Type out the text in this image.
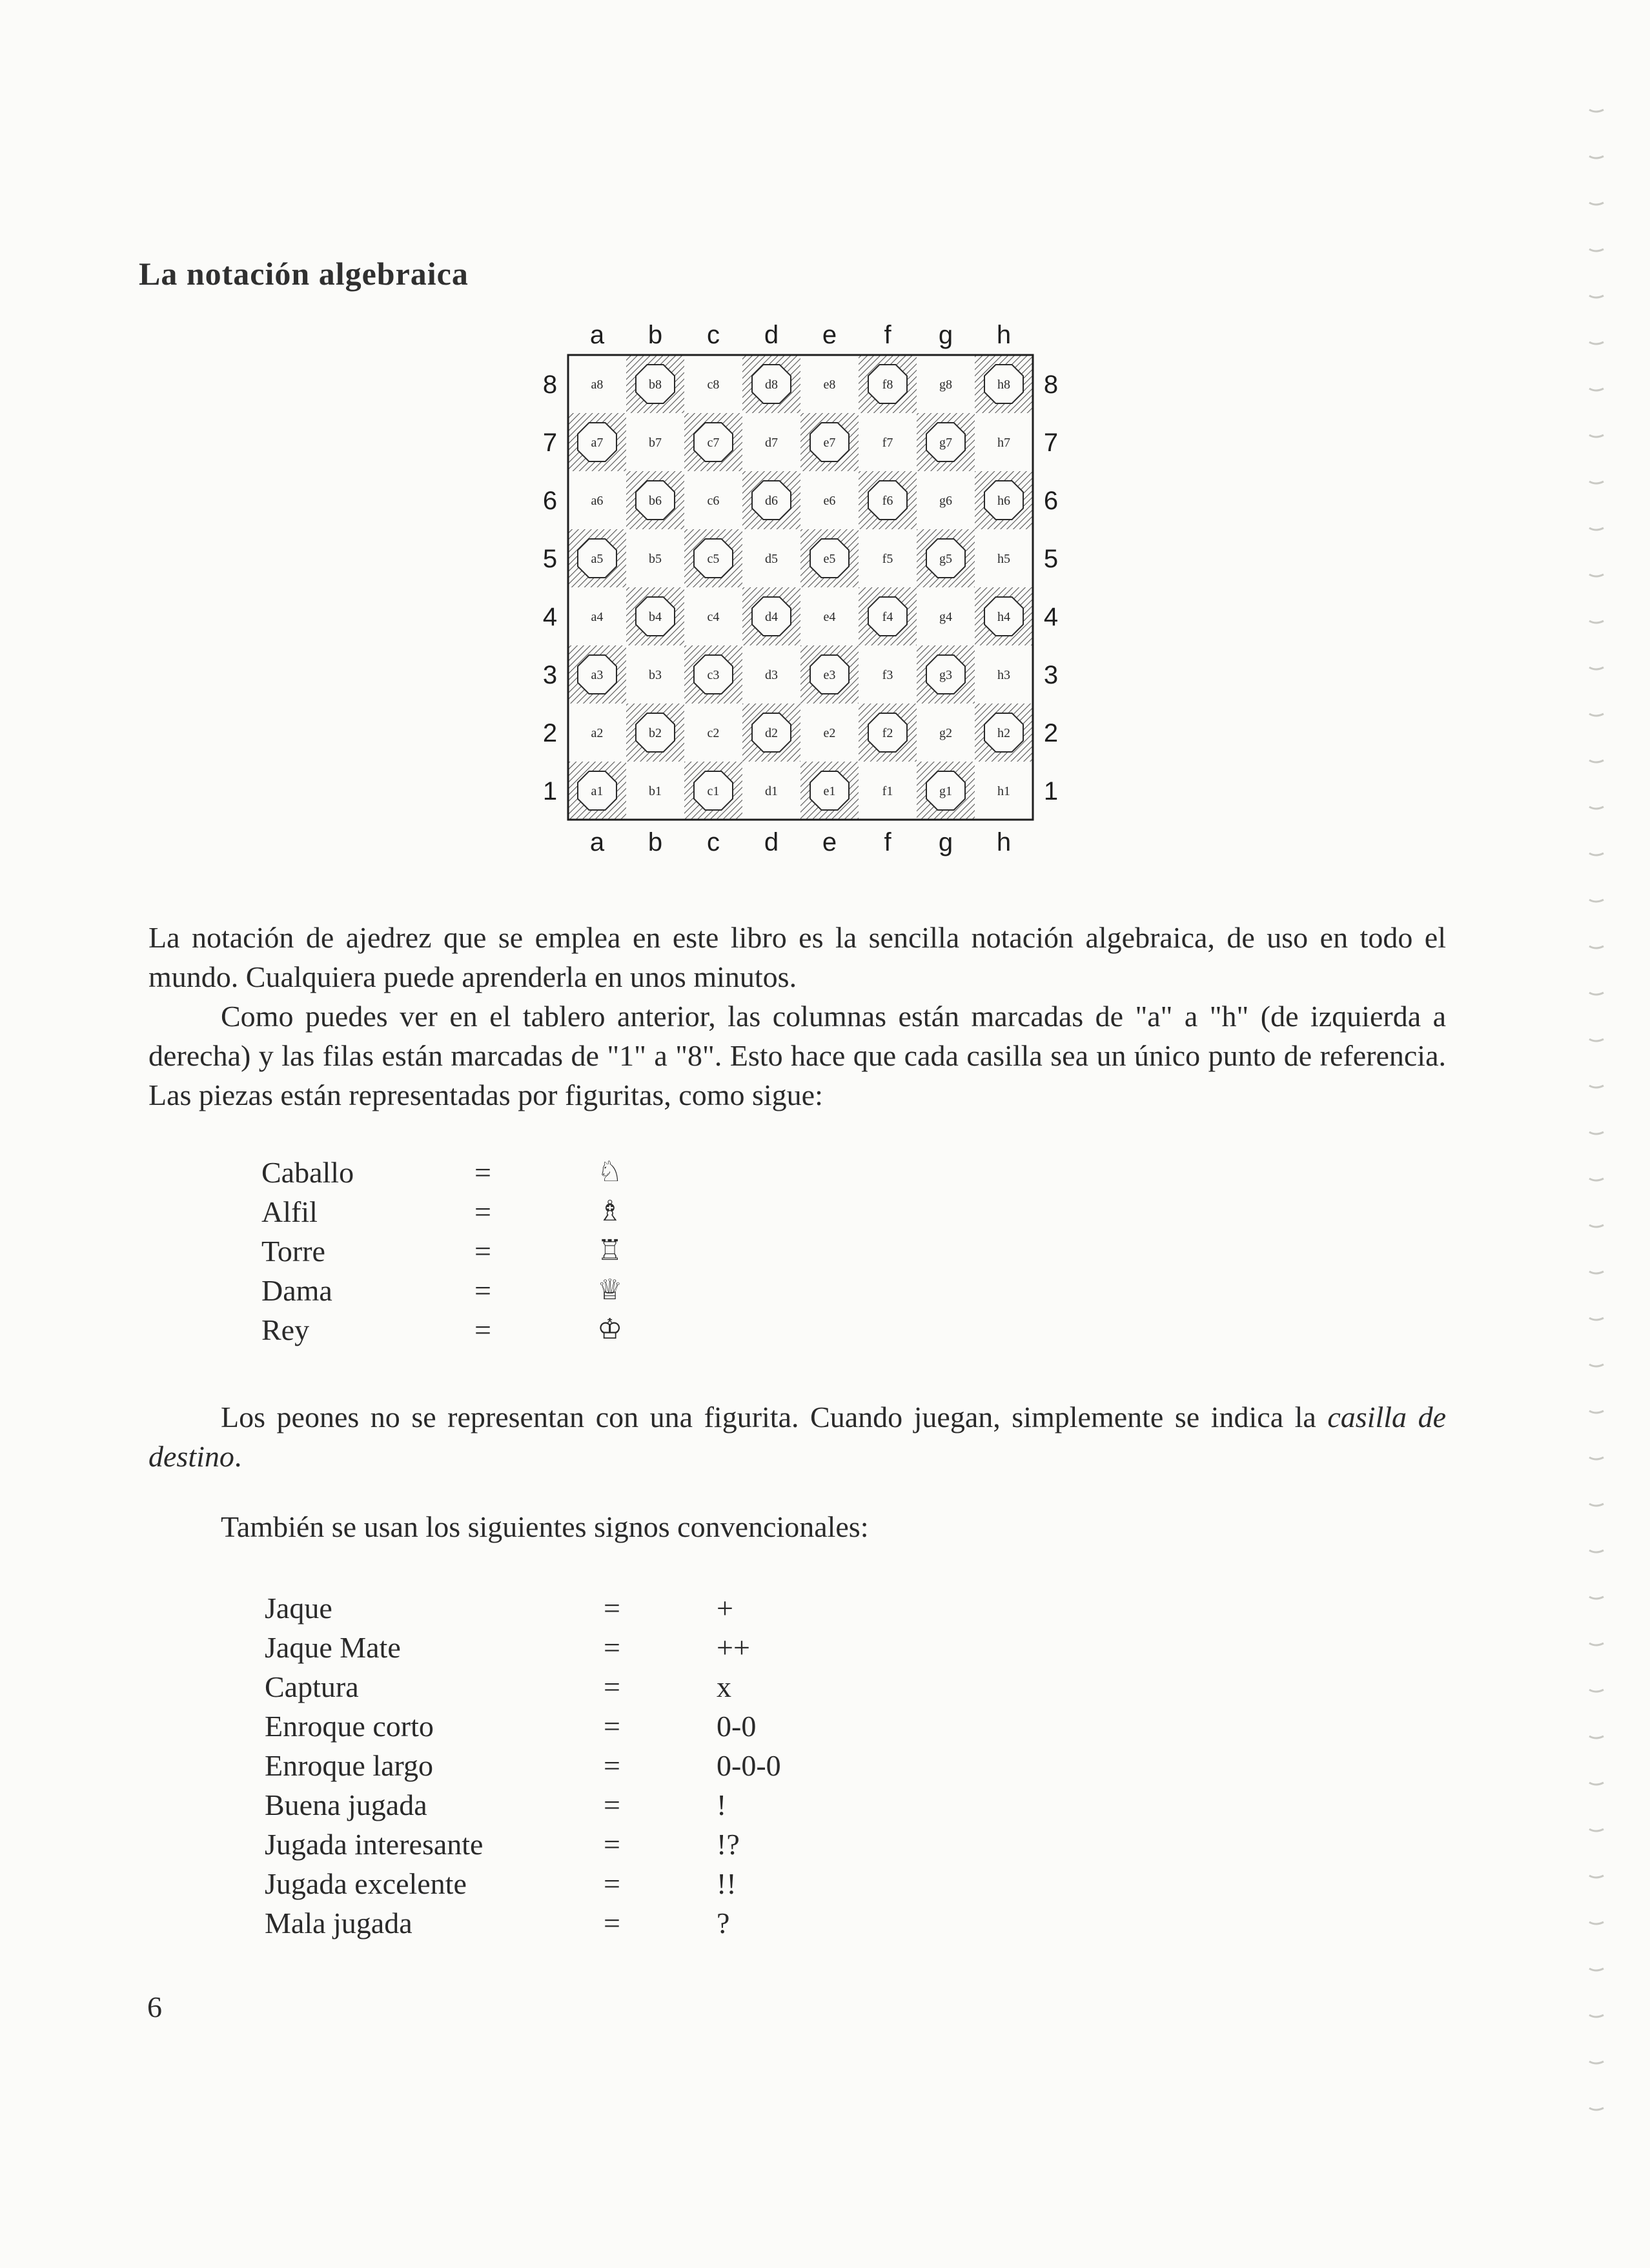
La notación algebraica
a8	b8	c8	d8	e8	f8	g8	h8
a7	b7	c7	d7	e7	f7	g7	h7
a6	b6	c6	d6	e6	f6	g6	h6
a5	b5	c5	d5	e5	f5	g5	h5
a4	b4	c4	d4	e4	f4	g4	h4
a3	b3	c3	d3	e3	f3	g3	h3
a2	b2	c2	d2	e2	f2	g2	h2
a1	b1	c1	d1	e1	f1	g1	h1
a
a
b
b
c
c
d
d
e
e
f
f
g
g
h
h
8	8
7	7
6	6
5	5
4	4
3	3
2	2
1	1

La notación de ajedrez que se emplea en este libro es la sencilla notación algebraica, de uso en todo el mundo. Cualquiera puede aprenderla en unos minutos.
Como puedes ver en el tablero anterior, las columnas están marcadas de "a" a "h" (de izquierda a derecha) y las filas están marcadas de "1" a "8". Esto hace que cada casilla sea un único punto de referencia. Las piezas están representadas por figuritas, como sigue:

Caballo	=	♘
Alfil	=	♗
Torre	=	♖
Dama	=	♕
Rey	=	♔

Los peones no se representan con una figurita. Cuando juegan, simplemente se indica la casilla de destino.

También se usan los siguientes signos convencionales:

Jaque	=	+
Jaque Mate	=	++
Captura	=	x
Enroque corto	=	0-0
Enroque largo	=	0-0-0
Buena jugada	=	!
Jugada interesante	=	!?
Jugada excelente	=	!!
Mala jugada	=	?
6
